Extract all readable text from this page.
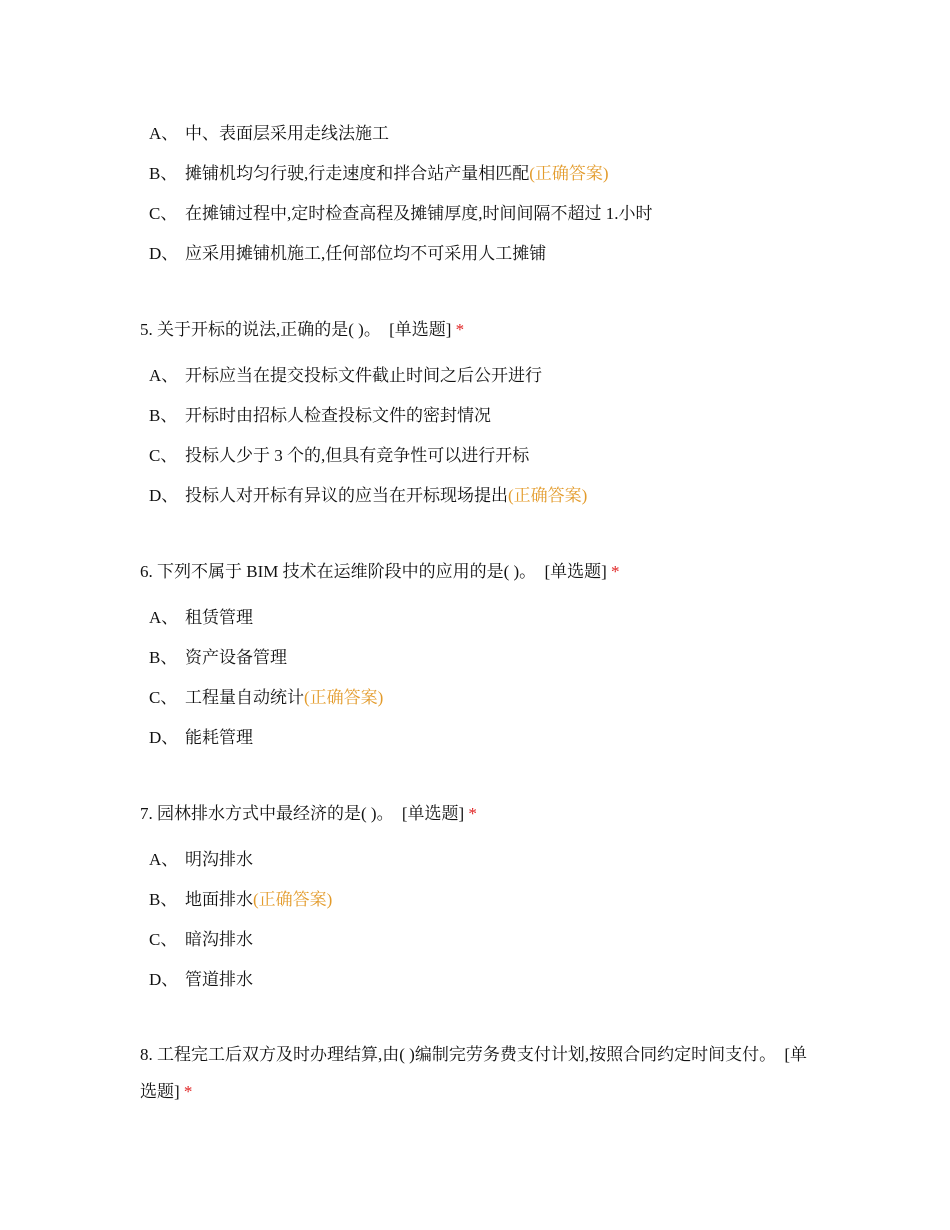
A、 中、表面层采用走线法施工
B、 摊铺机均匀行驶,行走速度和拌合站产量相匹配(正确答案)
C、 在摊铺过程中,定时检查高程及摊铺厚度,时间间隔不超过 1.小时
D、 应采用摊铺机施工,任何部位均不可采用人工摊铺
5. 关于开标的说法,正确的是( )。 [单选题] *
A、 开标应当在提交投标文件截止时间之后公开进行
B、 开标时由招标人检查投标文件的密封情况
C、 投标人少于 3 个的,但具有竞争性可以进行开标
D、 投标人对开标有异议的应当在开标现场提出(正确答案)
6. 下列不属于 BIM 技术在运维阶段中的应用的是( )。 [单选题] *
A、 租赁管理
B、 资产设备管理
C、 工程量自动统计(正确答案)
D、 能耗管理
7. 园林排水方式中最经济的是( )。 [单选题] *
A、 明沟排水
B、 地面排水(正确答案)
C、 暗沟排水
D、 管道排水
8. 工程完工后双方及时办理结算,由( )编制完劳务费支付计划,按照合同约定时间支付。 [单选题] *
